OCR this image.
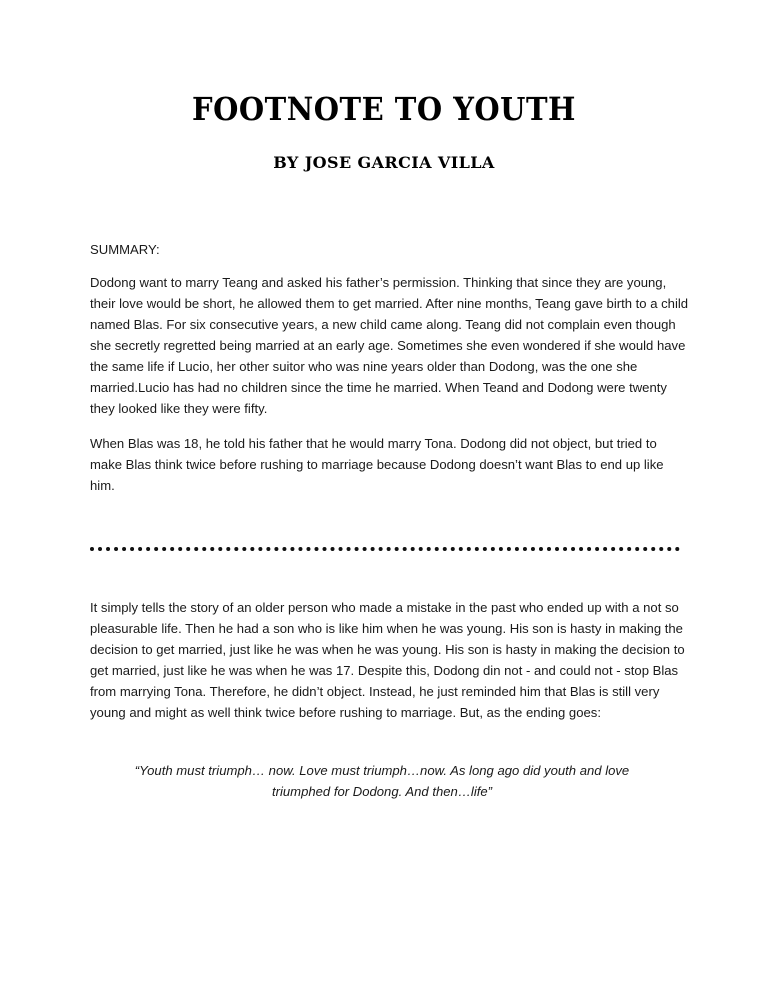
FOOTNOTE TO YOUTH
BY JOSE GARCIA VILLA
SUMMARY:
Dodong want to marry Teang and asked his father’s permission. Thinking that since they are young, their love would be short, he allowed them to get married. After nine months, Teang gave birth to a child named Blas. For six consecutive years, a new child came along. Teang did not complain even though she secretly regretted being married at an early age. Sometimes she even wondered if she would have the same life if Lucio, her other suitor who was nine years older than Dodong, was the one she married.Lucio has had no children since the time he married. When Teand and Dodong were twenty they looked like they were fifty.
When Blas was 18, he told his father that he would marry Tona. Dodong did not object, but tried to make Blas think twice before rushing to marriage because Dodong doesn’t want Blas to end up like him.
It simply tells the story of an older person who made a mistake in the past who ended up with a not so pleasurable life. Then he had a son who is like him when he was young. His son is hasty in making the decision to get married, just like he was when he was young. His son is hasty in making the decision to get married, just like he was when he was 17. Despite this, Dodong din not - and could not - stop Blas from marrying Tona. Therefore, he didn’t object. Instead, he just reminded him that Blas is still very young and might as well think twice before rushing to marriage. But, as the ending goes:
“Youth must triumph… now. Love must triumph…now. As long ago did youth and love triumphed for Dodong. And then…life”
